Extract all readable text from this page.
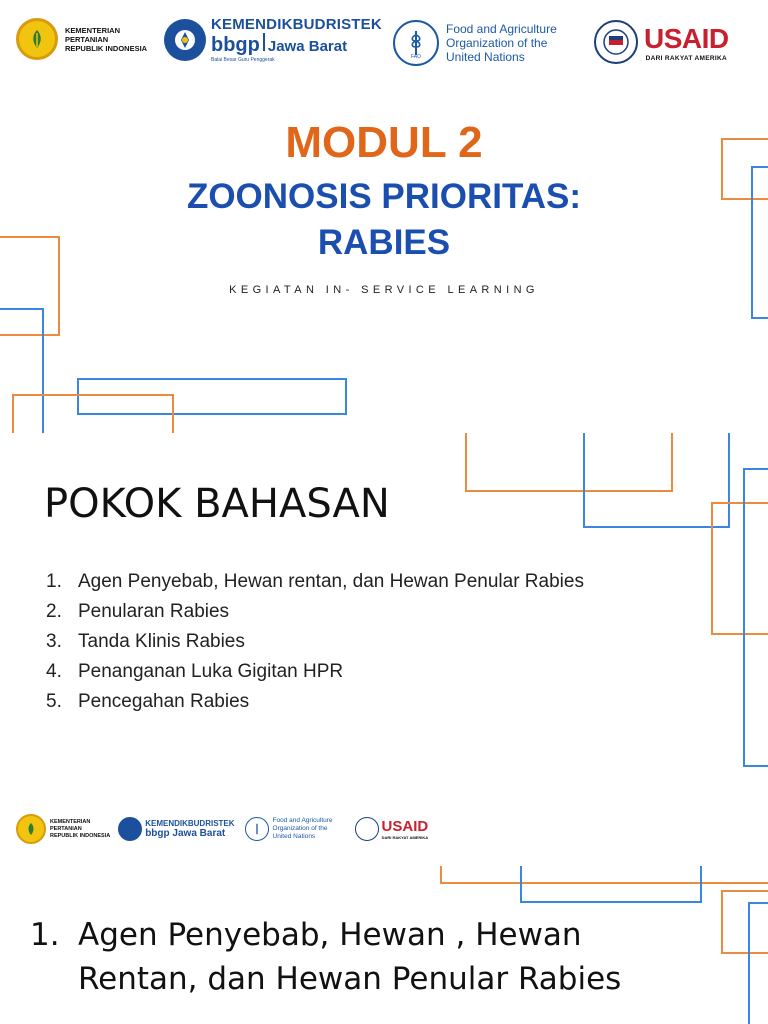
KEMENTERIAN
PERTANIAN
REPUBLIK INDONESIA
KEMENDIKBUDRISTEK
bbgp Jawa Barat
Balai Besar Guru Penggerak	FAO
Food and Agriculture
Organization of the
United Nations
USAID
DARI RAKYAT AMERIKA
MODUL 2
ZOONOSIS PRIORITAS:
RABIES
KEGIATAN IN- SERVICE LEARNING
POKOK BAHASAN
1. Agen Penyebab, Hewan rentan, dan Hewan Penular Rabies
2. Penularan Rabies
3. Tanda Klinis Rabies
4. Penanganan Luka Gigitan HPR
5. Pencegahan Rabies
1. Agen Penyebab, Hewan , Hewan Rentan, dan Hewan Penular Rabies
KEMENTERIAN
PERTANIAN
REPUBLIK INDONESIA
KEMENDIKBUDRISTEK
bbgp Jawa Barat
Food and Agriculture
Organization of the
United Nations
USAID
DARI RAKYAT AMERIKA
